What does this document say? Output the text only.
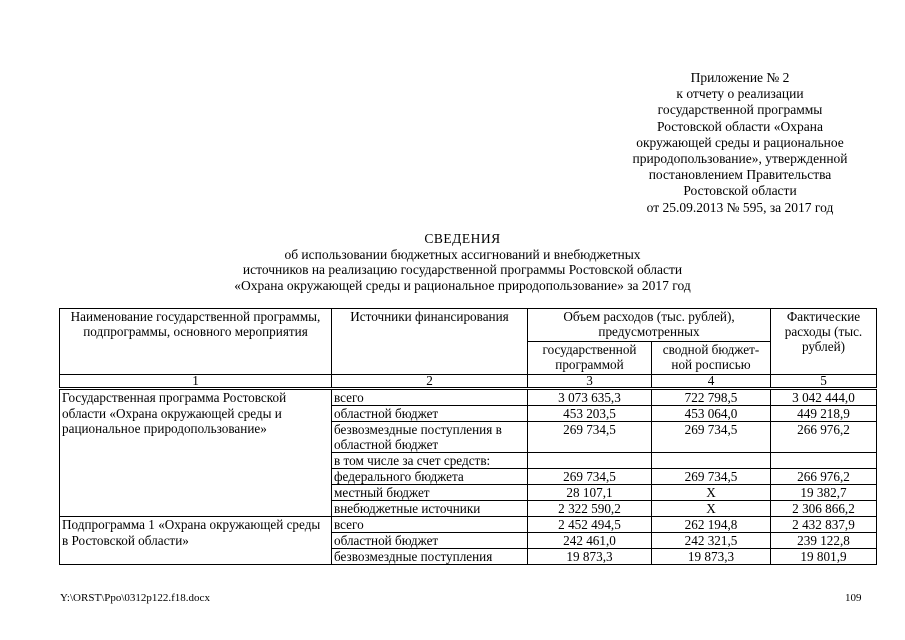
Приложение № 2
к отчету о реализации
государственной программы
Ростовской области «Охрана
окружающей среды и рациональное
природопользование», утвержденной
постановлением Правительства
Ростовской области
от 25.09.2013 № 595, за 2017 год
СВЕДЕНИЯ
об использовании бюджетных ассигнований и внебюджетных
источников на реализацию государственной программы Ростовской области
«Охрана окружающей среды и рациональное природопользование» за 2017 год
Наименование государственной программы, подпрограммы, основного мероприятия	Источники финансирования	Объем расходов (тыс. рублей), предусмотренных		Фактические расходы (тыс. рублей)
		государственной программой	сводной бюджет-ной росписью	
1	2	3	4	5
Государственная программа Ростовской области «Охрана окружающей среды и рациональное природопользование»	всего	3 073 635,3	722 798,5	3 042 444,0
	областной бюджет	453 203,5	453 064,0	449 218,9
	безвозмездные поступления в областной бюджет	269 734,5	269 734,5	266 976,2
	в том числе за счет средств:			
	федерального бюджета	269 734,5	269 734,5	266 976,2
	местный бюджет	28 107,1	Х	19 382,7
	внебюджетные источники	2 322 590,2	Х	2 306 866,2
Подпрограмма 1 «Охрана окружающей среды в Ростовской области»	всего	2 452 494,5	262 194,8	2 432 837,9
	областной бюджет	242 461,0	242 321,5	239 122,8
	безвозмездные поступления	19 873,3	19 873,3	19 801,9
Y:\ORST\Ppo\0312p122.f18.docx	109
